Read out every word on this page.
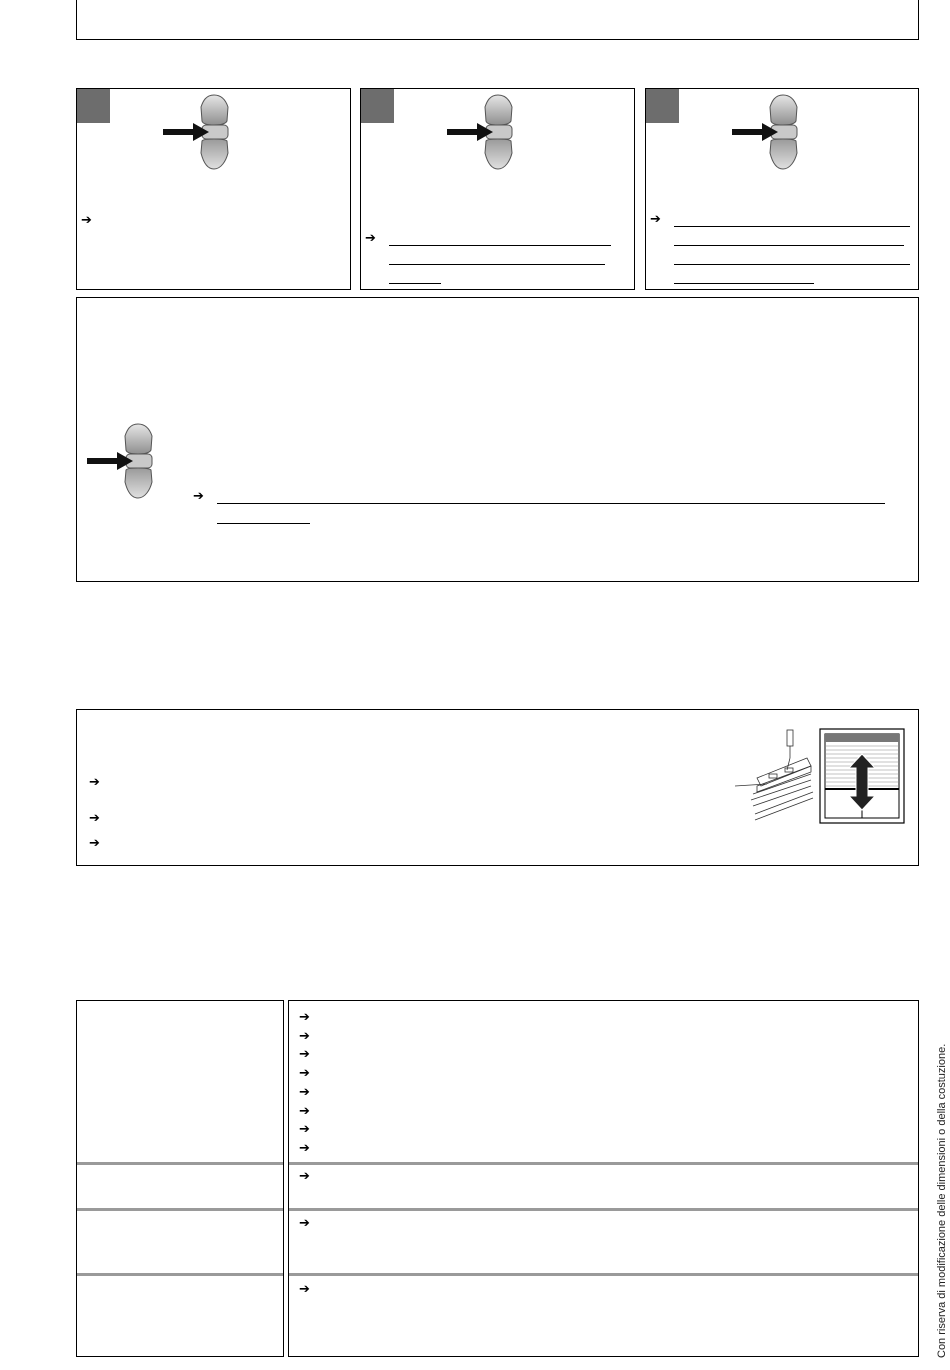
➔
➔
➔
➔
➔
➔
➔
➔
➔
➔
➔
➔
➔
➔
➔
➔
➔
➔	Con riserva di modificazione delle dimensioni o della costuzione.
